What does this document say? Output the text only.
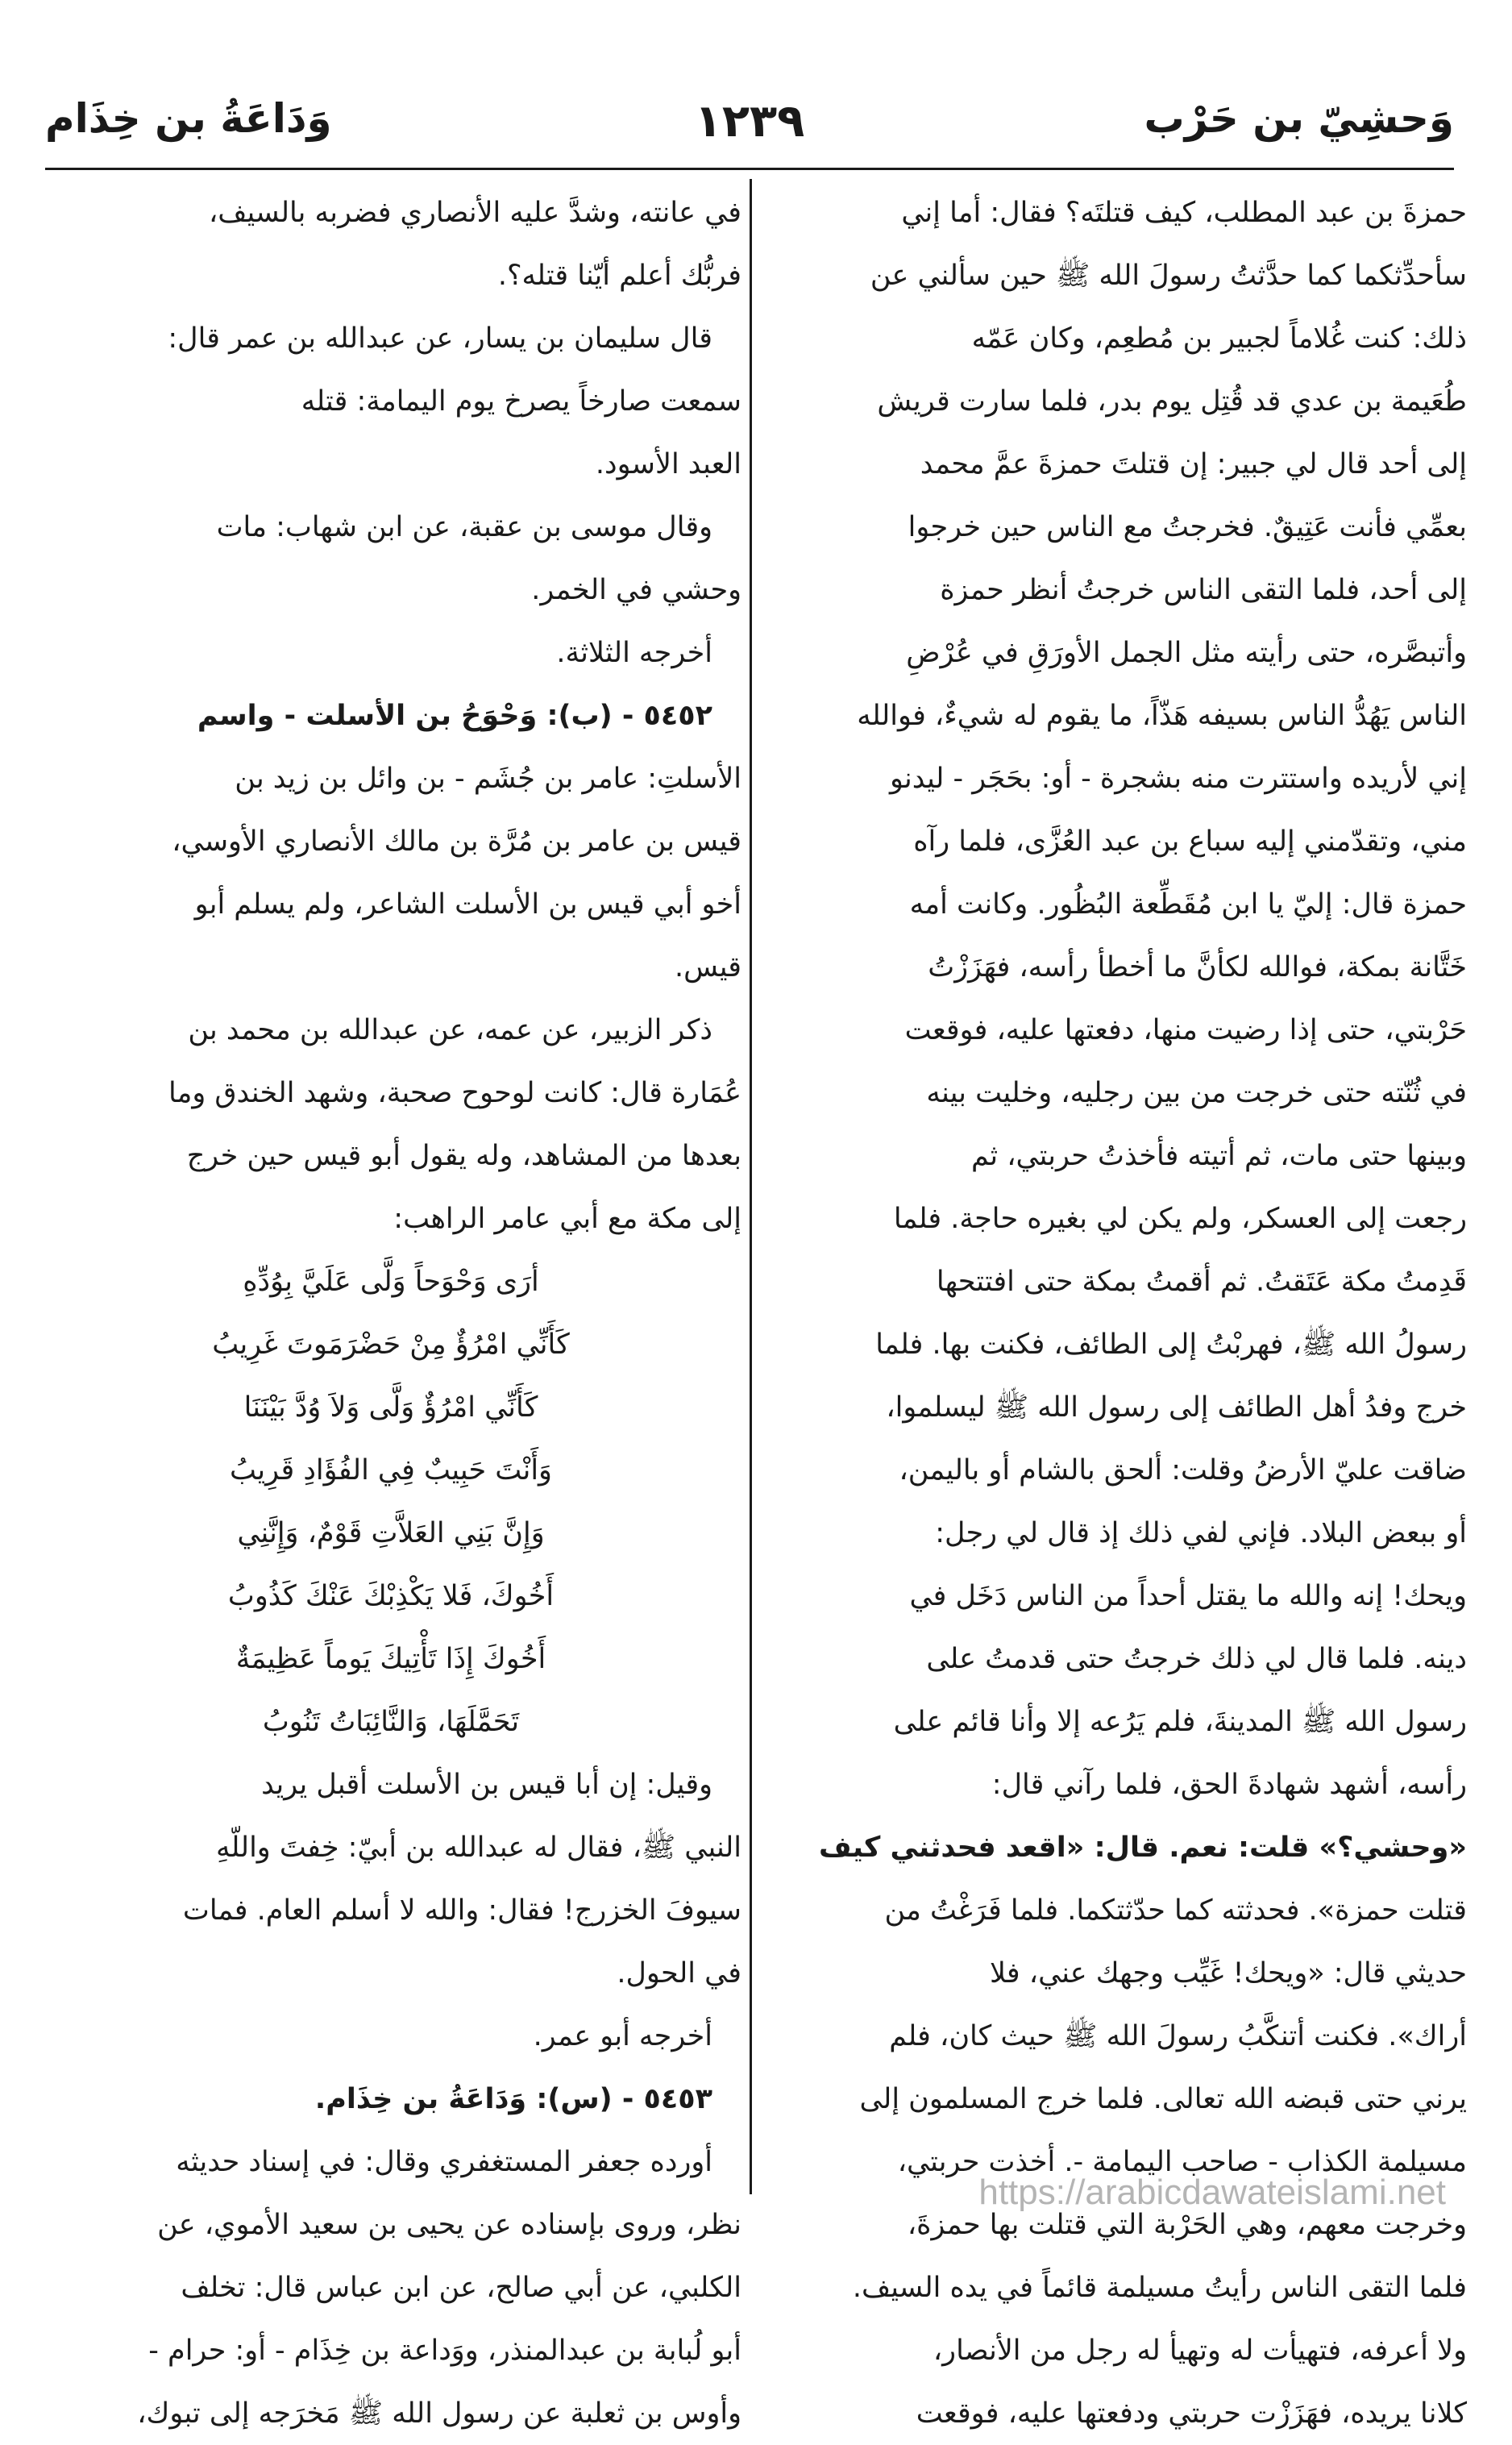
وَحشِيّ بن حَرْب
١٢٣٩
وَدَاعَةُ بن خِذَام

حمزةَ بن عبد المطلب، كيف قتلتَه؟ فقال: أما إني

سأحدِّثكما كما حدَّثتُ رسولَ الله ﷺ حين سألني عن

ذلك: كنت غُلاماً لجبير بن مُطعِم، وكان عَمّه

طُعَيمة بن عدي قد قُتِل يوم بدر، فلما سارت قريش

إلى أحد قال لي جبير: إن قتلتَ حمزةَ عمَّ محمد

بعمِّي فأنت عَتِيقٌ. فخرجتُ مع الناس حين خرجوا

إلى أحد، فلما التقى الناس خرجتُ أنظر حمزة

وأتبصَّره، حتى رأيته مثل الجمل الأورَقِ في عُرْضِ

الناس يَهُدُّ الناس بسيفه هَذّاً، ما يقوم له شيءٌ، فوالله

إني لأريده واستترت منه بشجرة - أو: بحَجَر - ليدنو

مني، وتقدّمني إليه سباع بن عبد العُزَّى، فلما رآه

حمزة قال: إليّ يا ابن مُقَطِّعة البُظُور. وكانت أمه

خَتَّانة بمكة، فوالله لكأنَّ ما أخطأ رأسه، فهَزَزْتُ

حَرْبتي، حتى إذا رضيت منها، دفعتها عليه، فوقعت

في ثُنّته حتى خرجت من بين رجليه، وخليت بينه

وبينها حتى مات، ثم أتيته فأخذتُ حربتي، ثم

رجعت إلى العسكر، ولم يكن لي بغيره حاجة. فلما

قَدِمتُ مكة عَتَقتُ. ثم أقمتُ بمكة حتى افتتحها

رسولُ الله ﷺ، فهربْتُ إلى الطائف، فكنت بها. فلما

خرج وفدُ أهل الطائف إلى رسول الله ﷺ ليسلموا،

ضاقت عليّ الأرضُ وقلت: ألحق بالشام أو باليمن،

أو ببعض البلاد. فإني لفي ذلك إذ قال لي رجل:

ويحك! إنه والله ما يقتل أحداً من الناس دَخَل في

دينه. فلما قال لي ذلك خرجتُ حتى قدمتُ على

رسول الله ﷺ المدينةَ، فلم يَرُعه إلا وأنا قائم على

رأسه، أشهد شهادةَ الحق، فلما رآني قال:

«وحشي؟» قلت: نعم. قال: «اقعد فحدثني كيف

قتلت حمزة». فحدثته كما حدّثتكما. فلما فَرَغْتُ من

حديثي قال: «ويحك! غَيِّب وجهك عني، فلا

أراك». فكنت أتنكَّبُ رسولَ الله ﷺ حيث كان، فلم

يرني حتى قبضه الله تعالى. فلما خرج المسلمون إلى

مسيلمة الكذاب - صاحب اليمامة -. أخذت حربتي،

وخرجت معهم، وهي الحَرْبة التي قتلت بها حمزةَ،

فلما التقى الناس رأيتُ مسيلمة قائماً في يده السيف.

ولا أعرفه، فتهيأت له وتهيأ له رجل من الأنصار،

كلانا يريده، فهَزَزْت حربتي ودفعتها عليه، فوقعت

في عانته، وشدَّ عليه الأنصاري فضربه بالسيف،

فربُّك أعلم أيّنا قتله؟.

قال سليمان بن يسار، عن عبدالله بن عمر قال:

سمعت صارخاً يصرخ يوم اليمامة: قتله

العبد الأسود.

وقال موسى بن عقبة، عن ابن شهاب: مات

وحشي في الخمر.

أخرجه الثلاثة.

٥٤٥٢ - (ب): وَحْوَحُ بن الأسلت - واسم

الأسلتِ: عامر بن جُشَم - بن وائل بن زيد بن

قيس بن عامر بن مُرَّة بن مالك الأنصاري الأوسي،

أخو أبي قيس بن الأسلت الشاعر، ولم يسلم أبو

قيس.

ذكر الزبير، عن عمه، عن عبدالله بن محمد بن

عُمَارة قال: كانت لوحوح صحبة، وشهد الخندق وما

بعدها من المشاهد، وله يقول أبو قيس حين خرج

إلى مكة مع أبي عامر الراهب:

أرَى وَحْوَحاً وَلَّى عَلَيَّ بِوُدِّهِ

كَأَنِّي امْرُؤٌ مِنْ حَضْرَمَوتَ غَرِيبُ

كَأَنِّي امْرُؤٌ وَلَّى وَلاَ وُدَّ بَيْنَنَا

وَأَنْتَ حَبِيبٌ فِي الفُؤَادِ قَرِيبُ

وَإِنَّ بَنِي العَلاَّتِ قَوْمٌ، وَإِنَّنِي

أَخُوكَ، فَلا يَكْذِبْكَ عَنْكَ كَذُوبُ

أَخُوكَ إِذَا تَأْتِيكَ يَوماً عَظِيمَةٌ

تَحَمَّلَهَا، وَالنَّائِبَاتُ تَنُوبُ

وقيل: إن أبا قيس بن الأسلت أقبل يريد

النبي ﷺ، فقال له عبدالله بن أبيّ: خِفتَ واللّهِ

سيوفَ الخزرج! فقال: والله لا أسلم العام. فمات

في الحول.

أخرجه أبو عمر.

٥٤٥٣ - (س): وَدَاعَةُ بن خِذَام.

أورده جعفر المستغفري وقال: في إسناد حديثه

نظر، وروى بإسناده عن يحيى بن سعيد الأموي، عن

الكلبي، عن أبي صالح، عن ابن عباس قال: تخلف

أبو لُبابة بن عبدالمنذر، ووَداعة بن خِذَام - أو: حرام -

وأوس بن ثعلبة عن رسول الله ﷺ مَخرَجه إلى تبوك،

https://arabicdawateislami.net
